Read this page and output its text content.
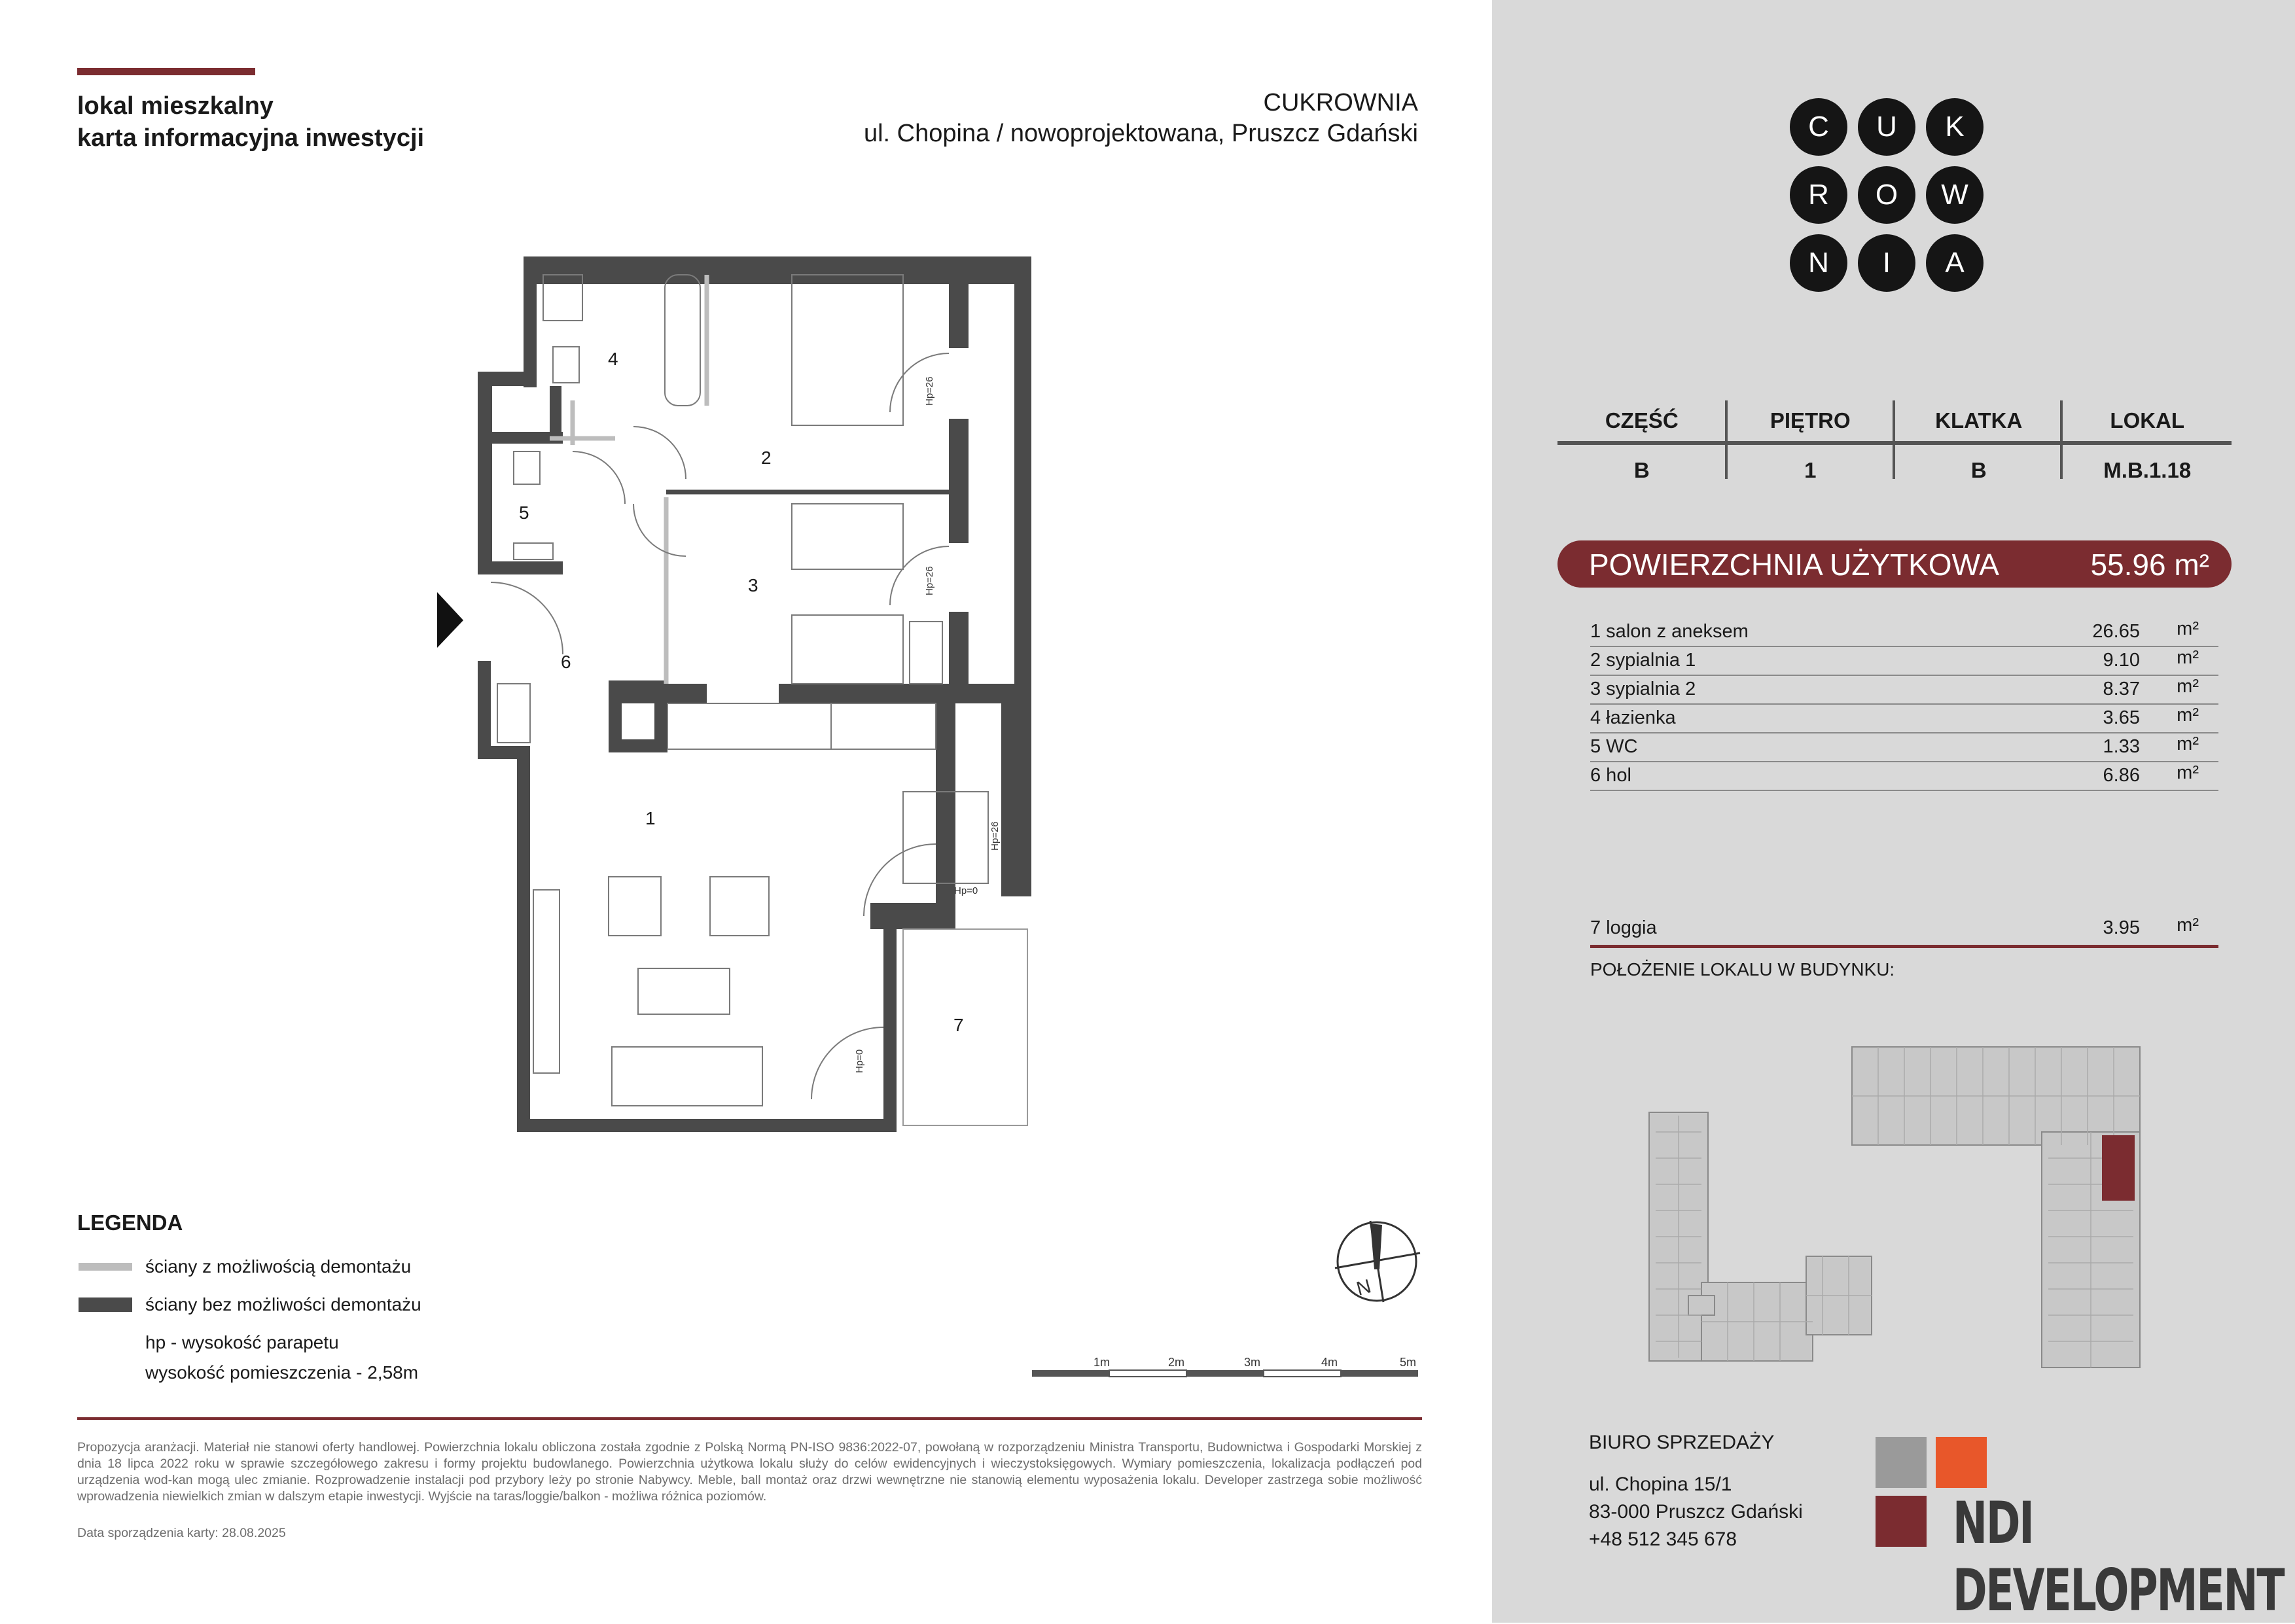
lokal mieszkalny
karta informacyjna inwestycji
CUKROWNIA
ul. Chopina / nowoprojektowana, Pruszcz Gdański
2
3
4
5
6
1
7
Hp=26
Hp=26
Hp=26
Hp=0
Hp=0
LEGENDA
ściany z możliwością demontażu
ściany bez możliwości demontażu
hp - wysokość parapetu
wysokość pomieszczenia - 2,58m
N
1m	2m	3m	4m	5m
Propozycja aranżacji. Materiał nie stanowi oferty handlowej. Powierzchnia lokalu obliczona została zgodnie z Polską Normą PN-ISO 9836:2022-07, powołaną w rozporządzeniu Ministra Transportu, Budownictwa i Gospodarki Morskiej z dnia 18 lipca 2022 roku w sprawie szczegółowego zakresu i formy projektu budowlanego. Powierzchnia użytkowa lokalu służy do celów ewidencyjnych i wieczystoksięgowych. Wymiary pomieszczenia, lokalizacja podłączeń pod urządzenia wod-kan mogą ulec zmianie. Rozprowadzenie instalacji pod przybory leży po stronie Nabywcy. Meble, ball montaż oraz drzwi wewnętrzne nie stanowią elementu wyposażenia lokalu. Developer zastrzega sobie możliwość wprowadzenia niewielkich zmian w dalszym etapie inwestycji. Wyjście na taras/loggie/balkon - możliwa różnica poziomów.
Data sporządzenia karty: 28.08.2025
C	U	K
R	O	W
N	I	A
CZĘŚĆ	PIĘTRO	KLATKA	LOKAL
B	1	B	M.B.1.18
POWIERZCHNIA UŻYTKOWA	55.96 m²
1 salon z aneksem	26.65 m²
2 sypialnia 1	9.10 m²
3 sypialnia 2	8.37 m²
4 łazienka	3.65 m²
5 WC	1.33 m²
6 hol	6.86 m²
7 loggia	3.95 m²
POŁOŻENIE LOKALU W BUDYNKU:
BIURO SPRZEDAŻY
ul. Chopina 15/1
83-000 Pruszcz Gdański
+48 512 345 678	NDI DEVELOPMENT
